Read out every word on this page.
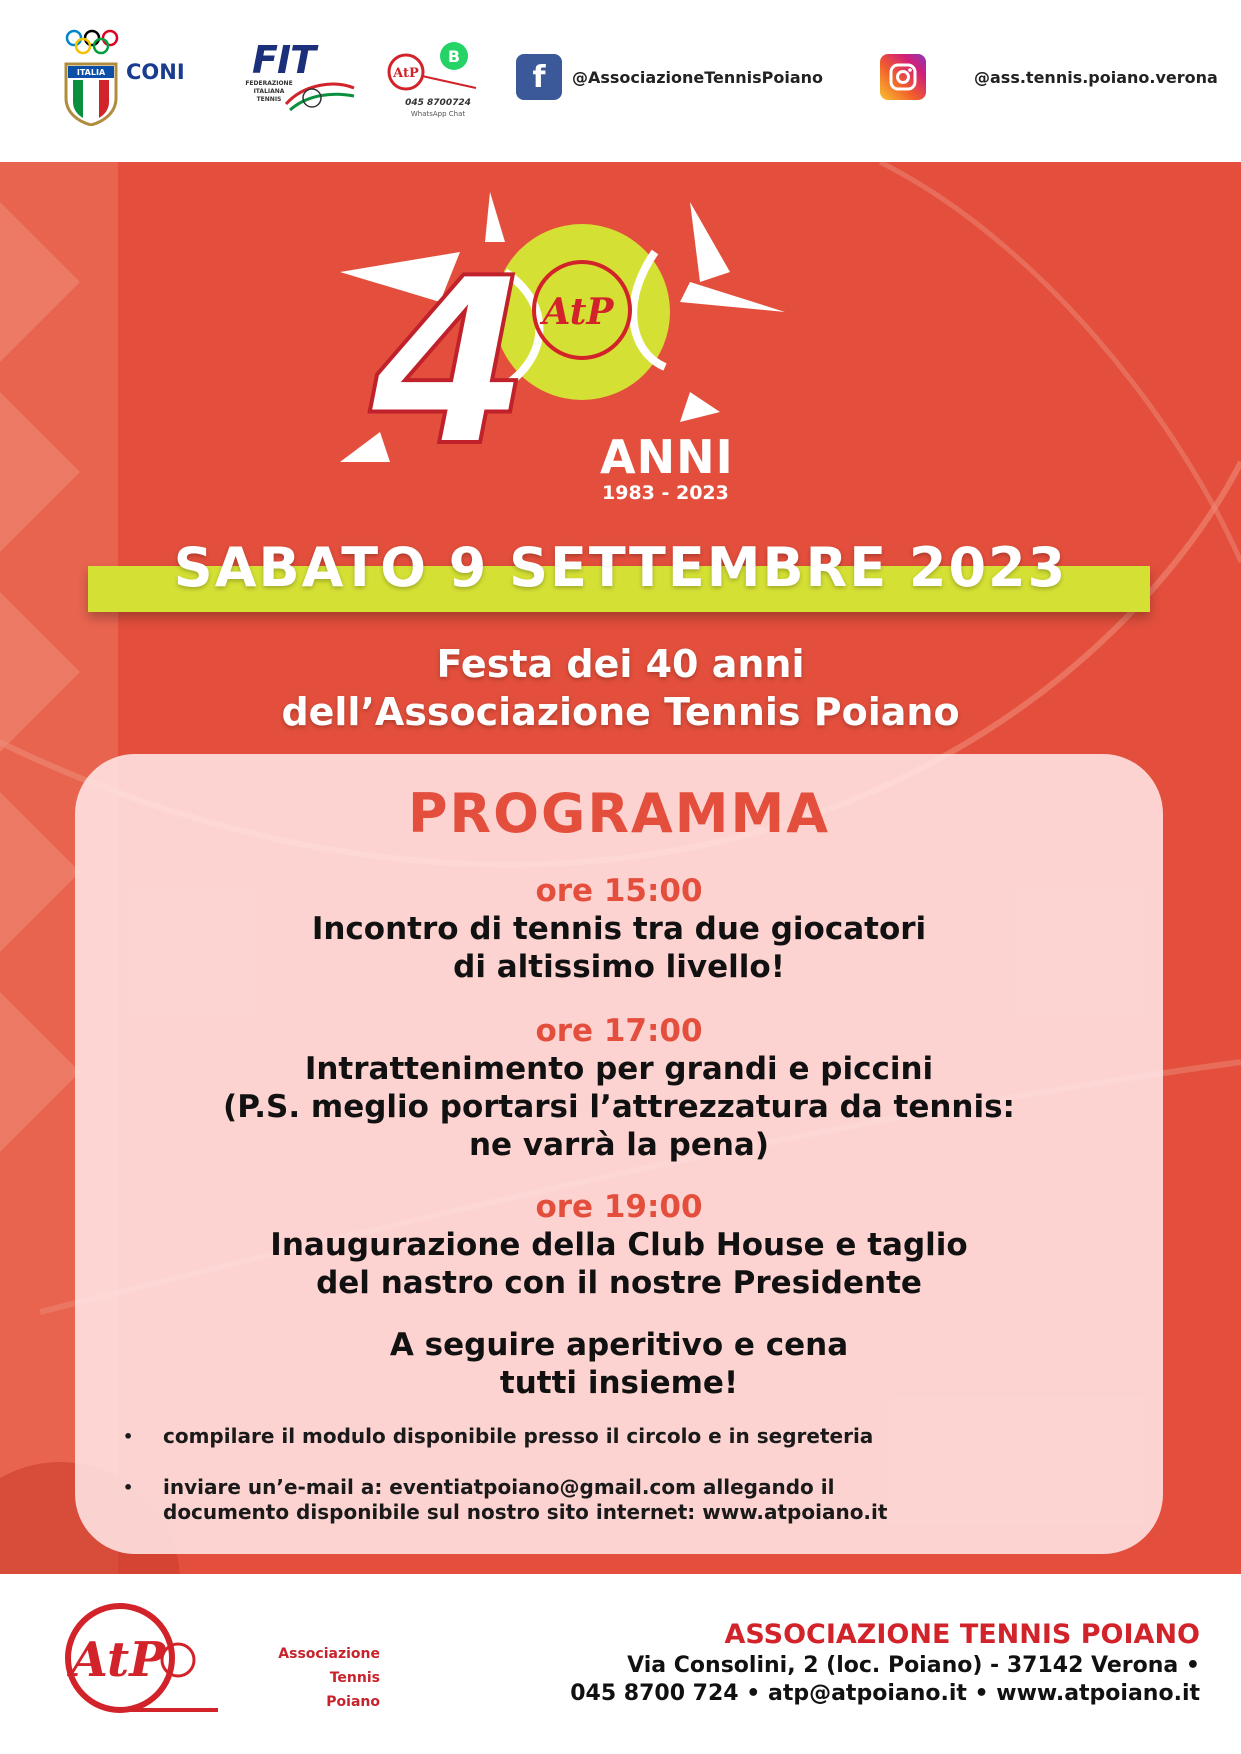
ITALIA CONI FIT
FEDERAZIONE ITALIANA TENNIS
AtP
B
045 8700724
WhatsApp Chat
f	@AssociazioneTennisPoiano	@ass.tennis.poiano.verona
AtP
4 ANNI
1983 - 2023
SABATO 9 SETTEMBRE 2023
Festa dei 40 anni
dell’Associazione Tennis Poiano
PROGRAMMA
ore 15:00
Incontro di tennis tra due giocatori
di altissimo livello!
ore 17:00
Intrattenimento per grandi e piccini
(P.S. meglio portarsi l’attrezzatura da tennis:
ne varrà la pena)
ore 19:00
Inaugurazione della Club House e taglio
del nastro con il nostre Presidente
A seguire aperitivo e cena
tutti insieme!
•	compilare il modulo disponibile presso il circolo e in segreteria
•	inviare un’e-mail a: eventiatpoiano@gmail.com allegando il
documento disponibile sul nostro sito internet: www.atpoiano.it
AtP	Associazione Tennis
Poiano
ASSOCIAZIONE TENNIS POIANO
Via Consolini, 2 (loc. Poiano) - 37142 Verona •
045 8700 724 • atp@atpoiano.it • www.atpoiano.it
